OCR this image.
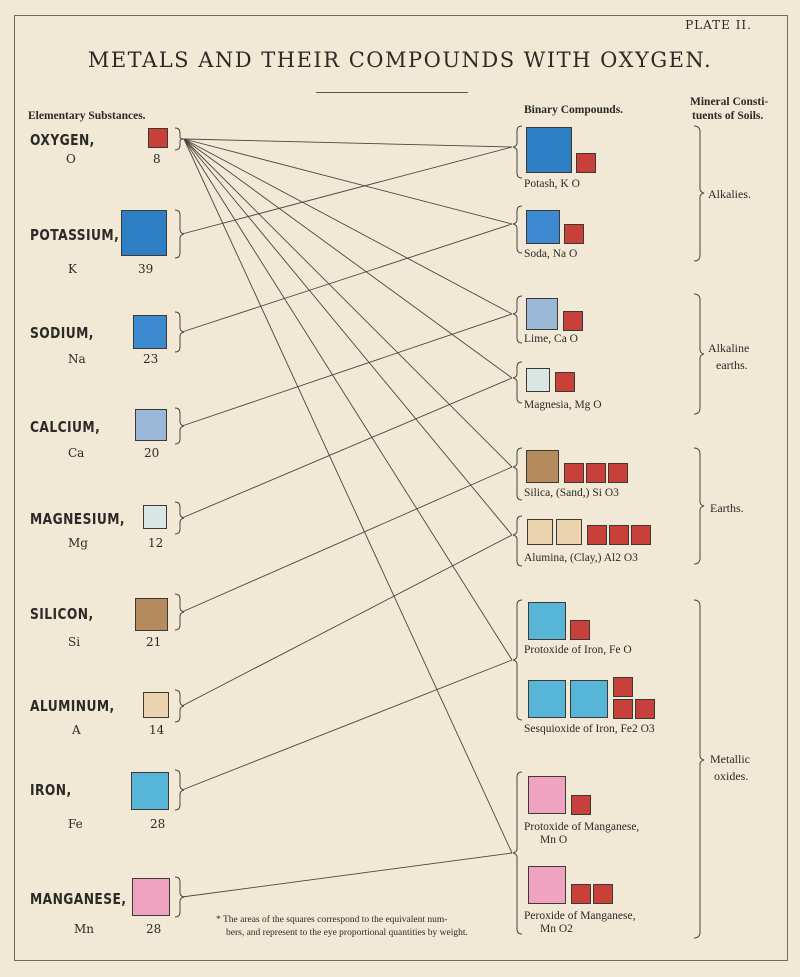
PLATE II.
METALS AND THEIR COMPOUNDS WITH OXYGEN.
Elementary Substances.	Binary Compounds.
Mineral Consti-
tuents of Soils.
OXYGEN,
O	8
POTASSIUM,
K	39
SODIUM,
Na	23
CALCIUM,
Ca	20
MAGNESIUM,
Mg	12
SILICON,
Si	21
ALUMINUM,
A	14
IRON,
Fe	28
MANGANESE,
Mn	28
Potash, K O
Soda, Na O
Lime, Ca O
Magnesia, Mg O
Silica, (Sand,) Si O3
Alumina, (Clay,) Al2 O3
Protoxide of Iron, Fe O
Sesquioxide of Iron, Fe2 O3
Protoxide of Manganese,
Mn O
Peroxide of Manganese,
Mn O2
Alkalies.
Alkaline
earths.
Earths.
Metallic
oxides.
* The areas of the squares correspond to the equivalent num-
bers, and represent to the eye proportional quantities by weight.
